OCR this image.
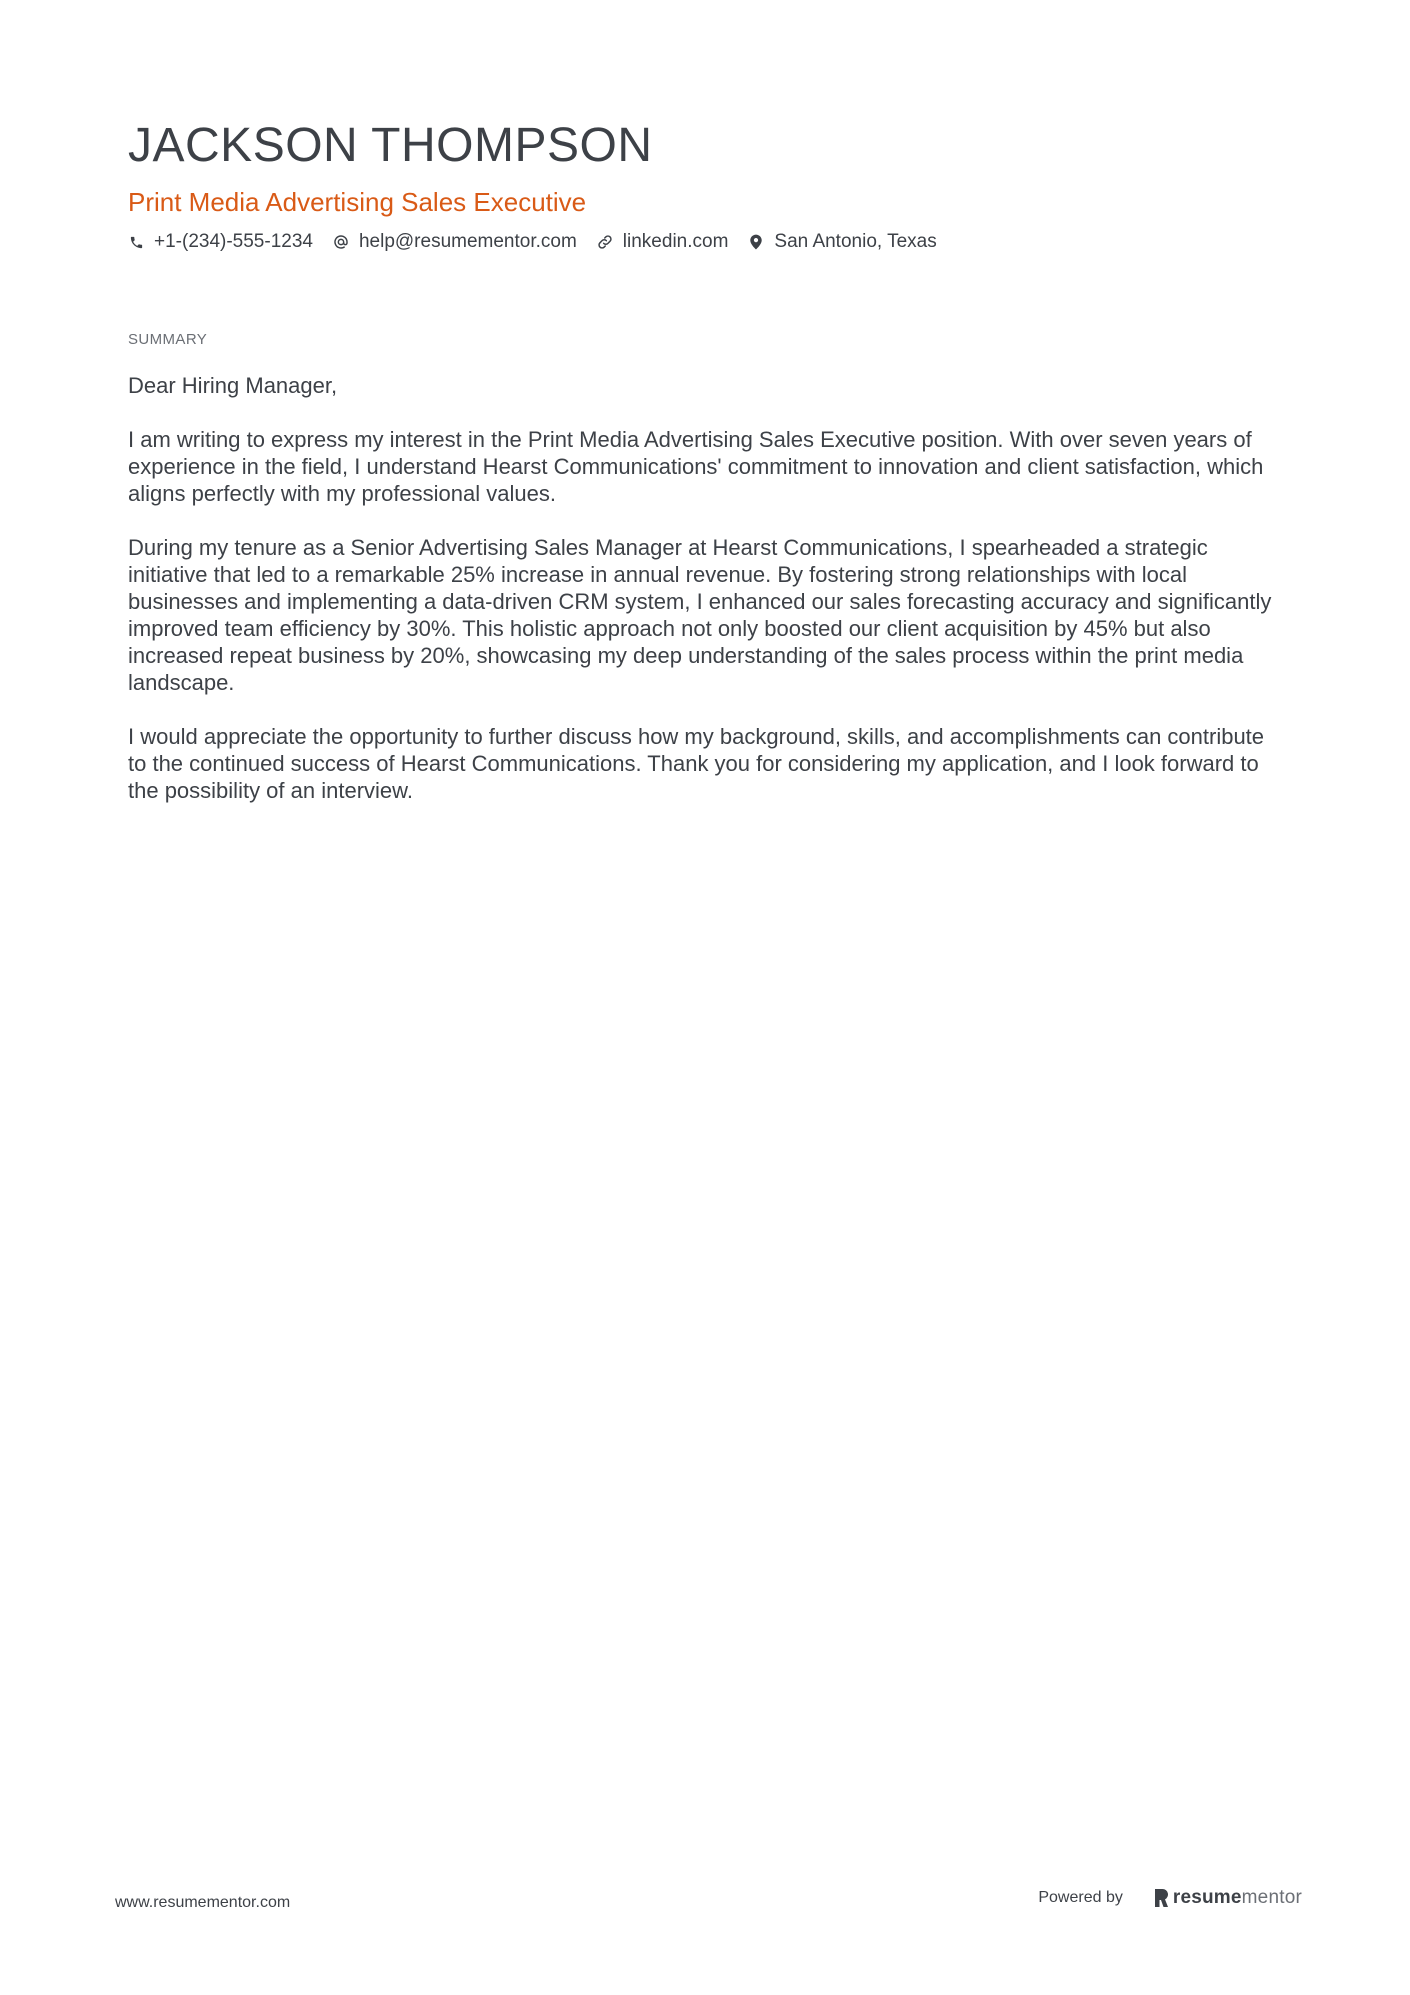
JACKSON THOMPSON
Print Media Advertising Sales Executive
+1-(234)-555-1234 help@resumementor.com linkedin.com San Antonio, Texas
SUMMARY

Dear Hiring Manager,

I am writing to express my interest in the Print Media Advertising Sales Executive position. With over seven years of experience in the field, I understand Hearst Communications' commitment to innovation and client satisfaction, which aligns perfectly with my professional values.

During my tenure as a Senior Advertising Sales Manager at Hearst Communications, I spearheaded a strategic initiative that led to a remarkable 25% increase in annual revenue. By fostering strong relationships with local businesses and implementing a data-driven CRM system, I enhanced our sales forecasting accuracy and significantly improved team efficiency by 30%. This holistic approach not only boosted our client acquisition by 45% but also increased repeat business by 20%, showcasing my deep understanding of the sales process within the print media landscape.

I would appreciate the opportunity to further discuss how my background, skills, and accomplishments can contribute to the continued success of Hearst Communications. Thank you for considering my application, and I look forward to the possibility of an interview.

www.resumementor.com	Powered by	resume mentor
